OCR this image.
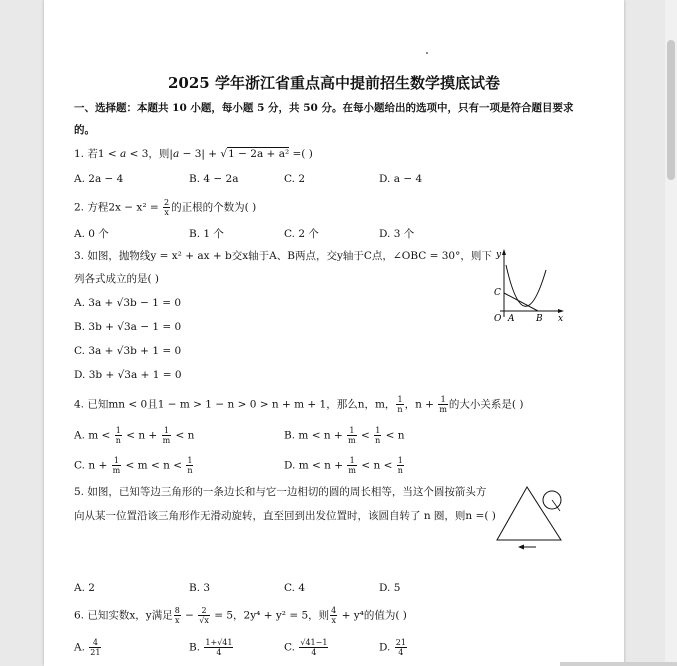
2025 学年浙江省重点高中提前招生数学摸底试卷
一、选择题：本题共 10 小题，每小题 5 分，共 50 分。在每小题给出的选项中，只有一项是符合题目要求
的。
1. 若1 < a < 3，则|a − 3| + √1 − 2a + a² =( )
A. 2a − 4	B. 4 − 2a	C. 2	D. a − 4
2. 方程$2x - x^2 = \frac{2}{x}$ 的正根的个数为( )
A. 0 个	B. 1 个	C. 2 个	D. 3 个
3. 如图，抛物线y = x² + ax + b交x轴于A、B两点，交y轴于C点，∠OBC = 30°，则下
列各式成立的是( )
A. 3a + √3b − 1 = 0
B. 3b + √3a − 1 = 0
C. 3a + √3b + 1 = 0
D. 3b + √3a + 1 = 0
y
x
O A B
C
4. 已知mn < 0且1 − m > 1 − n > 0 > n + m + 1，那么n，m， $\frac{1}{n}$ ，$n + \frac{1}{m}$ 的大小关系是( )
A. $m < \frac{1}{n} < n + \frac{1}{m} < n$	B. $m < n + \frac{1}{m} < \frac{1}{n} < n$
C. $n + \frac{1}{m} < m < n < \frac{1}{n}$	D. $m < n + \frac{1}{m} < n < \frac{1}{n}$
5. 如图，已知等边三角形的一条边长和与它一边相切的圆的周长相等，当这个圆按箭头方
向从某一位置沿该三角形作无滑动旋转，直至回到出发位置时，该圆自转了 n 圈，则n =( )
A. 2	B. 3	C. 4	D. 5
6. 已知实数x，y满足 $\frac{8}{x} - \frac{2}{√x} = 5$，2y⁴ + y² = 5，则 $\frac{4}{x} + y^4$的值为( )
A. $\frac{4}{21}$	B. $\frac{1+√41}{4}$	C. $\frac{√41-1}{4}$	D. $\frac{21}{4}$
